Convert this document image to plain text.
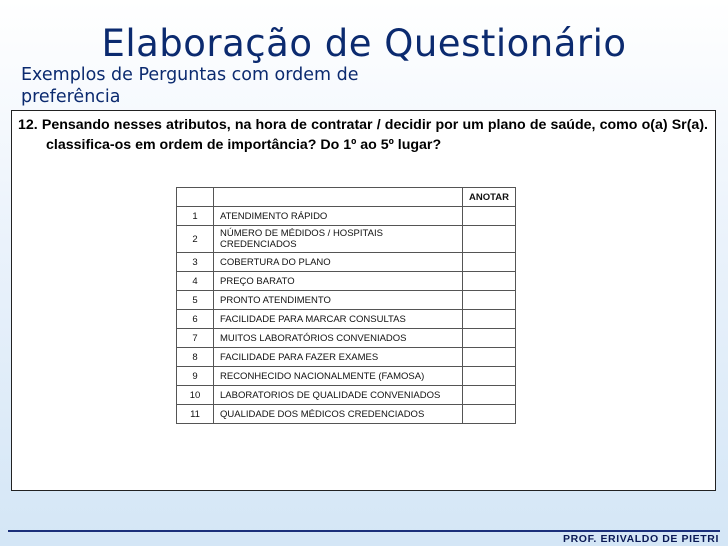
Elaboração de Questionário
Exemplos de Perguntas com ordem de preferência
12. Pensando nesses atributos, na hora de contratar / decidir por um plano de saúde, como o(a) Sr(a). classifica-os em ordem de importância? Do 1º ao 5º lugar?
		ANOTAR
1	ATENDIMENTO RÁPIDO	
2	NÚMERO DE MÉDIDOS / HOSPITAIS CREDENCIADOS	
3	COBERTURA DO PLANO	
4	PREÇO BARATO	
5	PRONTO ATENDIMENTO	
6	FACILIDADE PARA MARCAR CONSULTAS	
7	MUITOS LABORATÓRIOS CONVENIADOS	
8	FACILIDADE PARA FAZER EXAMES	
9	RECONHECIDO NACIONALMENTE (FAMOSA)	
10	LABORATORIOS DE QUALIDADE CONVENIADOS	
11	QUALIDADE DOS MÉDICOS CREDENCIADOS	
PROF. ERIVALDO DE PIETRI
